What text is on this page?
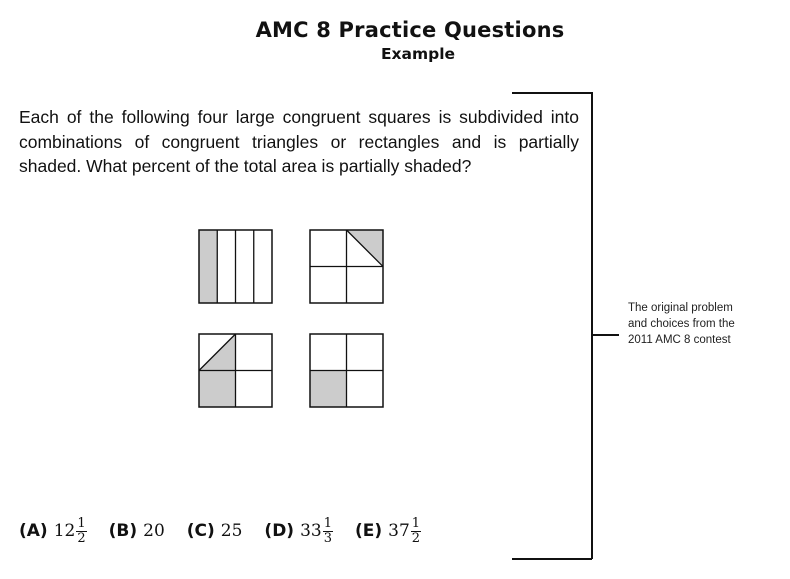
AMC 8 Practice Questions
Example
Each of the following four large congruent squares is subdivided into combinations of congruent triangles or rectangles and is partially shaded. What percent of the total area is partially shaded?
The original problem
and choices from the
2011 AMC 8 contest
(A) $12 \frac{1}{2} (B)$ 20 (C) 25 (D) $33 \frac{1}{3} (E)$ $37 \frac{1}{2}$
